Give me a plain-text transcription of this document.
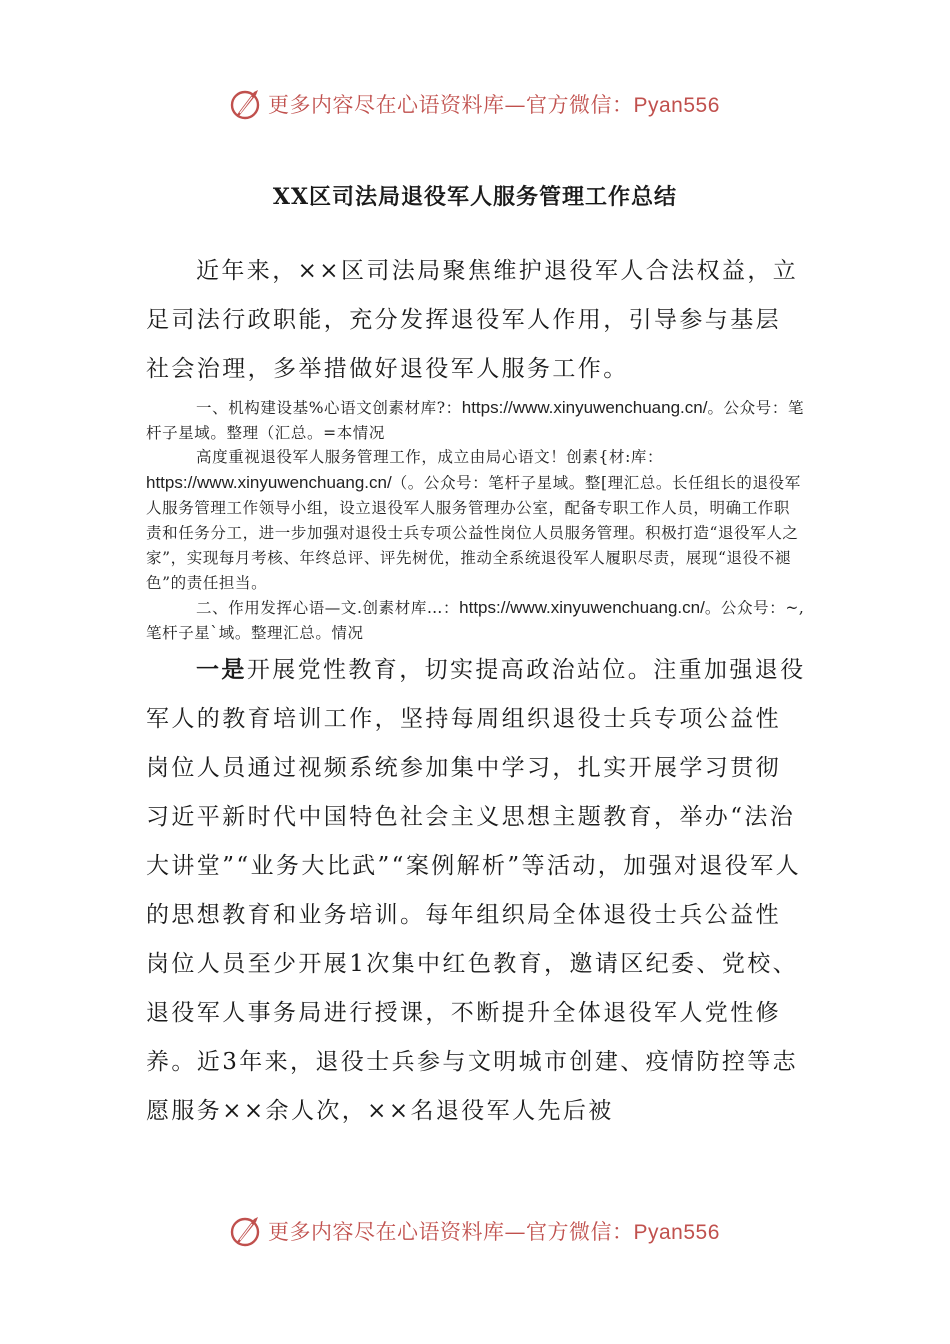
更多内容尽在心语资料库—官方微信：Pyan556
XX区司法局退役军人服务管理工作总结

近年来，××区司法局聚焦维护退役军人合法权益，立足司法行政职能，充分发挥退役军人作用，引导参与基层社会治理，多举措做好退役军人服务工作。

一、机构建设基%心语文创素材库?：https://www.xinyuwenchuang.cn/。公众号：笔杆子星域。整理（汇总。=本情况

高度重视退役军人服务管理工作，成立由局心语文！创素{材:库：https://www.xinyuwenchuang.cn/（。公众号：笔杆子星域。整[理汇总。长任组长的退役军人服务管理工作领导小组，设立退役军人服务管理办公室，配备专职工作人员，明确工作职责和任务分工，进一步加强对退役士兵专项公益性岗位人员服务管理。积极打造“退役军人之家”，实现每月考核、年终总评、评先树优，推动全系统退役军人履职尽责，展现“退役不褪色”的责任担当。

二、作用发挥心语—文.创素材库…：https://www.xinyuwenchuang.cn/。公众号：~,笔杆子星`域。整理汇总。情况

一是开展党性教育，切实提高政治站位。注重加强退役军人的教育培训工作，坚持每周组织退役士兵专项公益性岗位人员通过视频系统参加集中学习，扎实开展学习贯彻习近平新时代中国特色社会主义思想主题教育，举办“法治大讲堂”“业务大比武”“案例解析”等活动，加强对退役军人的思想教育和业务培训。每年组织局全体退役士兵公益性岗位人员至少开展1次集中红色教育，邀请区纪委、党校、退役军人事务局进行授课，不断提升全体退役军人党性修养。近3年来，退役士兵参与文明城市创建、疫情防控等志愿服务××余人次，××名退役军人先后被

更多内容尽在心语资料库—官方微信：Pyan556
